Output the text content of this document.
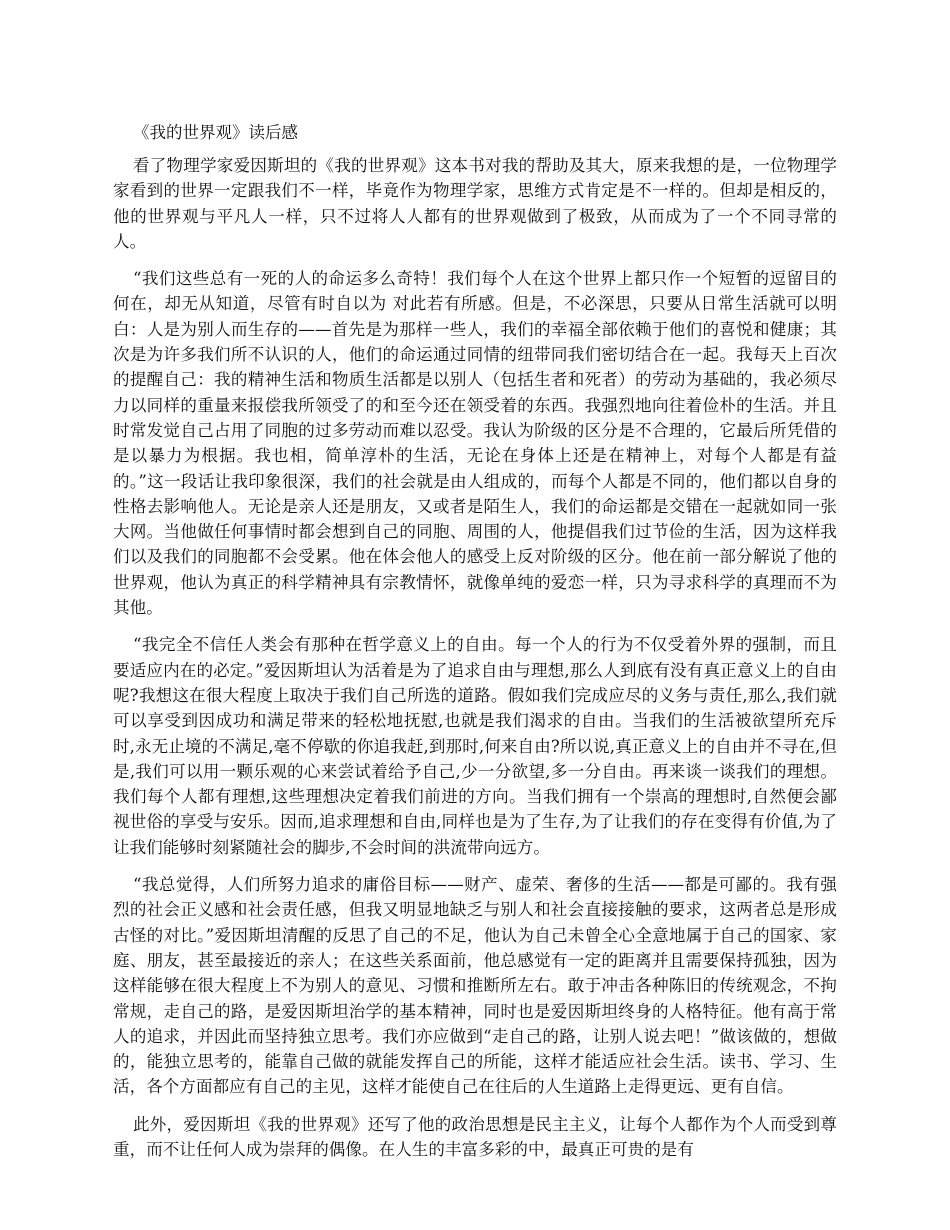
《我的世界观》读后感

看了物理学家爱因斯坦的《我的世界观》这本书对我的帮助及其大，原来我想的是，一位物理学家看到的世界一定跟我们不一样，毕竟作为物理学家，思维方式肯定是不一样的。但却是相反的，他的世界观与平凡人一样，只不过将人人都有的世界观做到了极致，从而成为了一个不同寻常的人。

“我们这些总有一死的人的命运多么奇特！我们每个人在这个世界上都只作一个短暂的逗留目的何在，却无从知道，尽管有时自以为 对此若有所感。但是，不必深思，只要从日常生活就可以明白：人是为别人而生存的——首先是为那样一些人，我们的幸福全部依赖于他们的喜悦和健康；其次是为许多我们所不认识的人，他们的命运通过同情的纽带同我们密切结合在一起。我每天上百次的提醒自己：我的精神生活和物质生活都是以别人（包括生者和死者）的劳动为基础的，我必须尽力以同样的重量来报偿我所领受了的和至今还在领受着的东西。我强烈地向往着俭朴的生活。并且时常发觉自己占用了同胞的过多劳动而难以忍受。我认为阶级的区分是不合理的，它最后所凭借的是以暴力为根据。我也相，简单淳朴的生活，无论在身体上还是在精神上，对每个人都是有益的。”这一段话让我印象很深，我们的社会就是由人组成的，而每个人都是不同的，他们都以自身的性格去影响他人。无论是亲人还是朋友，又或者是陌生人，我们的命运都是交错在一起就如同一张大网。当他做任何事情时都会想到自己的同胞、周围的人，他提倡我们过节俭的生活，因为这样我们以及我们的同胞都不会受累。他在体会他人的感受上反对阶级的区分。他在前一部分解说了他的世界观，他认为真正的科学精神具有宗教情怀，就像单纯的爱恋一样，只为寻求科学的真理而不为其他。

“我完全不信任人类会有那种在哲学意义上的自由。每一个人的行为不仅受着外界的强制，而且要适应内在的必定。”爱因斯坦认为活着是为了追求自由与理想,那么人到底有没有真正意义上的自由呢?我想这在很大程度上取决于我们自己所选的道路。假如我们完成应尽的义务与责任,那么,我们就可以享受到因成功和满足带来的轻松地抚慰,也就是我们渴求的自由。当我们的生活被欲望所充斥时,永无止境的不满足,毫不停歇的你追我赶,到那时,何来自由?所以说,真正意义上的自由并不寻在,但是,我们可以用一颗乐观的心来尝试着给予自己,少一分欲望,多一分自由。再来谈一谈我们的理想。我们每个人都有理想,这些理想决定着我们前进的方向。当我们拥有一个崇高的理想时,自然便会鄙视世俗的享受与安乐。因而,追求理想和自由,同样也是为了生存,为了让我们的存在变得有价值,为了让我们能够时刻紧随社会的脚步,不会时间的洪流带向远方。

“我总觉得，人们所努力追求的庸俗目标——财产、虚荣、奢侈的生活——都是可鄙的。我有强烈的社会正义感和社会责任感，但我又明显地缺乏与别人和社会直接接触的要求，这两者总是形成古怪的对比。”爱因斯坦清醒的反思了自己的不足，他认为自己未曾全心全意地属于自己的国家、家庭、朋友，甚至最接近的亲人；在这些关系面前，他总感觉有一定的距离并且需要保持孤独，因为这样能够在很大程度上不为别人的意见、习惯和推断所左右。敢于冲击各种陈旧的传统观念，不拘常规，走自己的路，是爱因斯坦治学的基本精神，同时也是爱因斯坦终身的人格特征。他有高于常人的追求，并因此而坚持独立思考。我们亦应做到“走自己的路，让别人说去吧！”做该做的，想做的，能独立思考的，能靠自己做的就能发挥自己的所能，这样才能适应社会生活。读书、学习、生活，各个方面都应有自己的主见，这样才能使自己在往后的人生道路上走得更远、更有自信。

此外，爱因斯坦《我的世界观》还写了他的政治思想是民主主义，让每个人都作为个人而受到尊重，而不让任何人成为崇拜的偶像。在人生的丰富多彩的中，最真正可贵的是有
